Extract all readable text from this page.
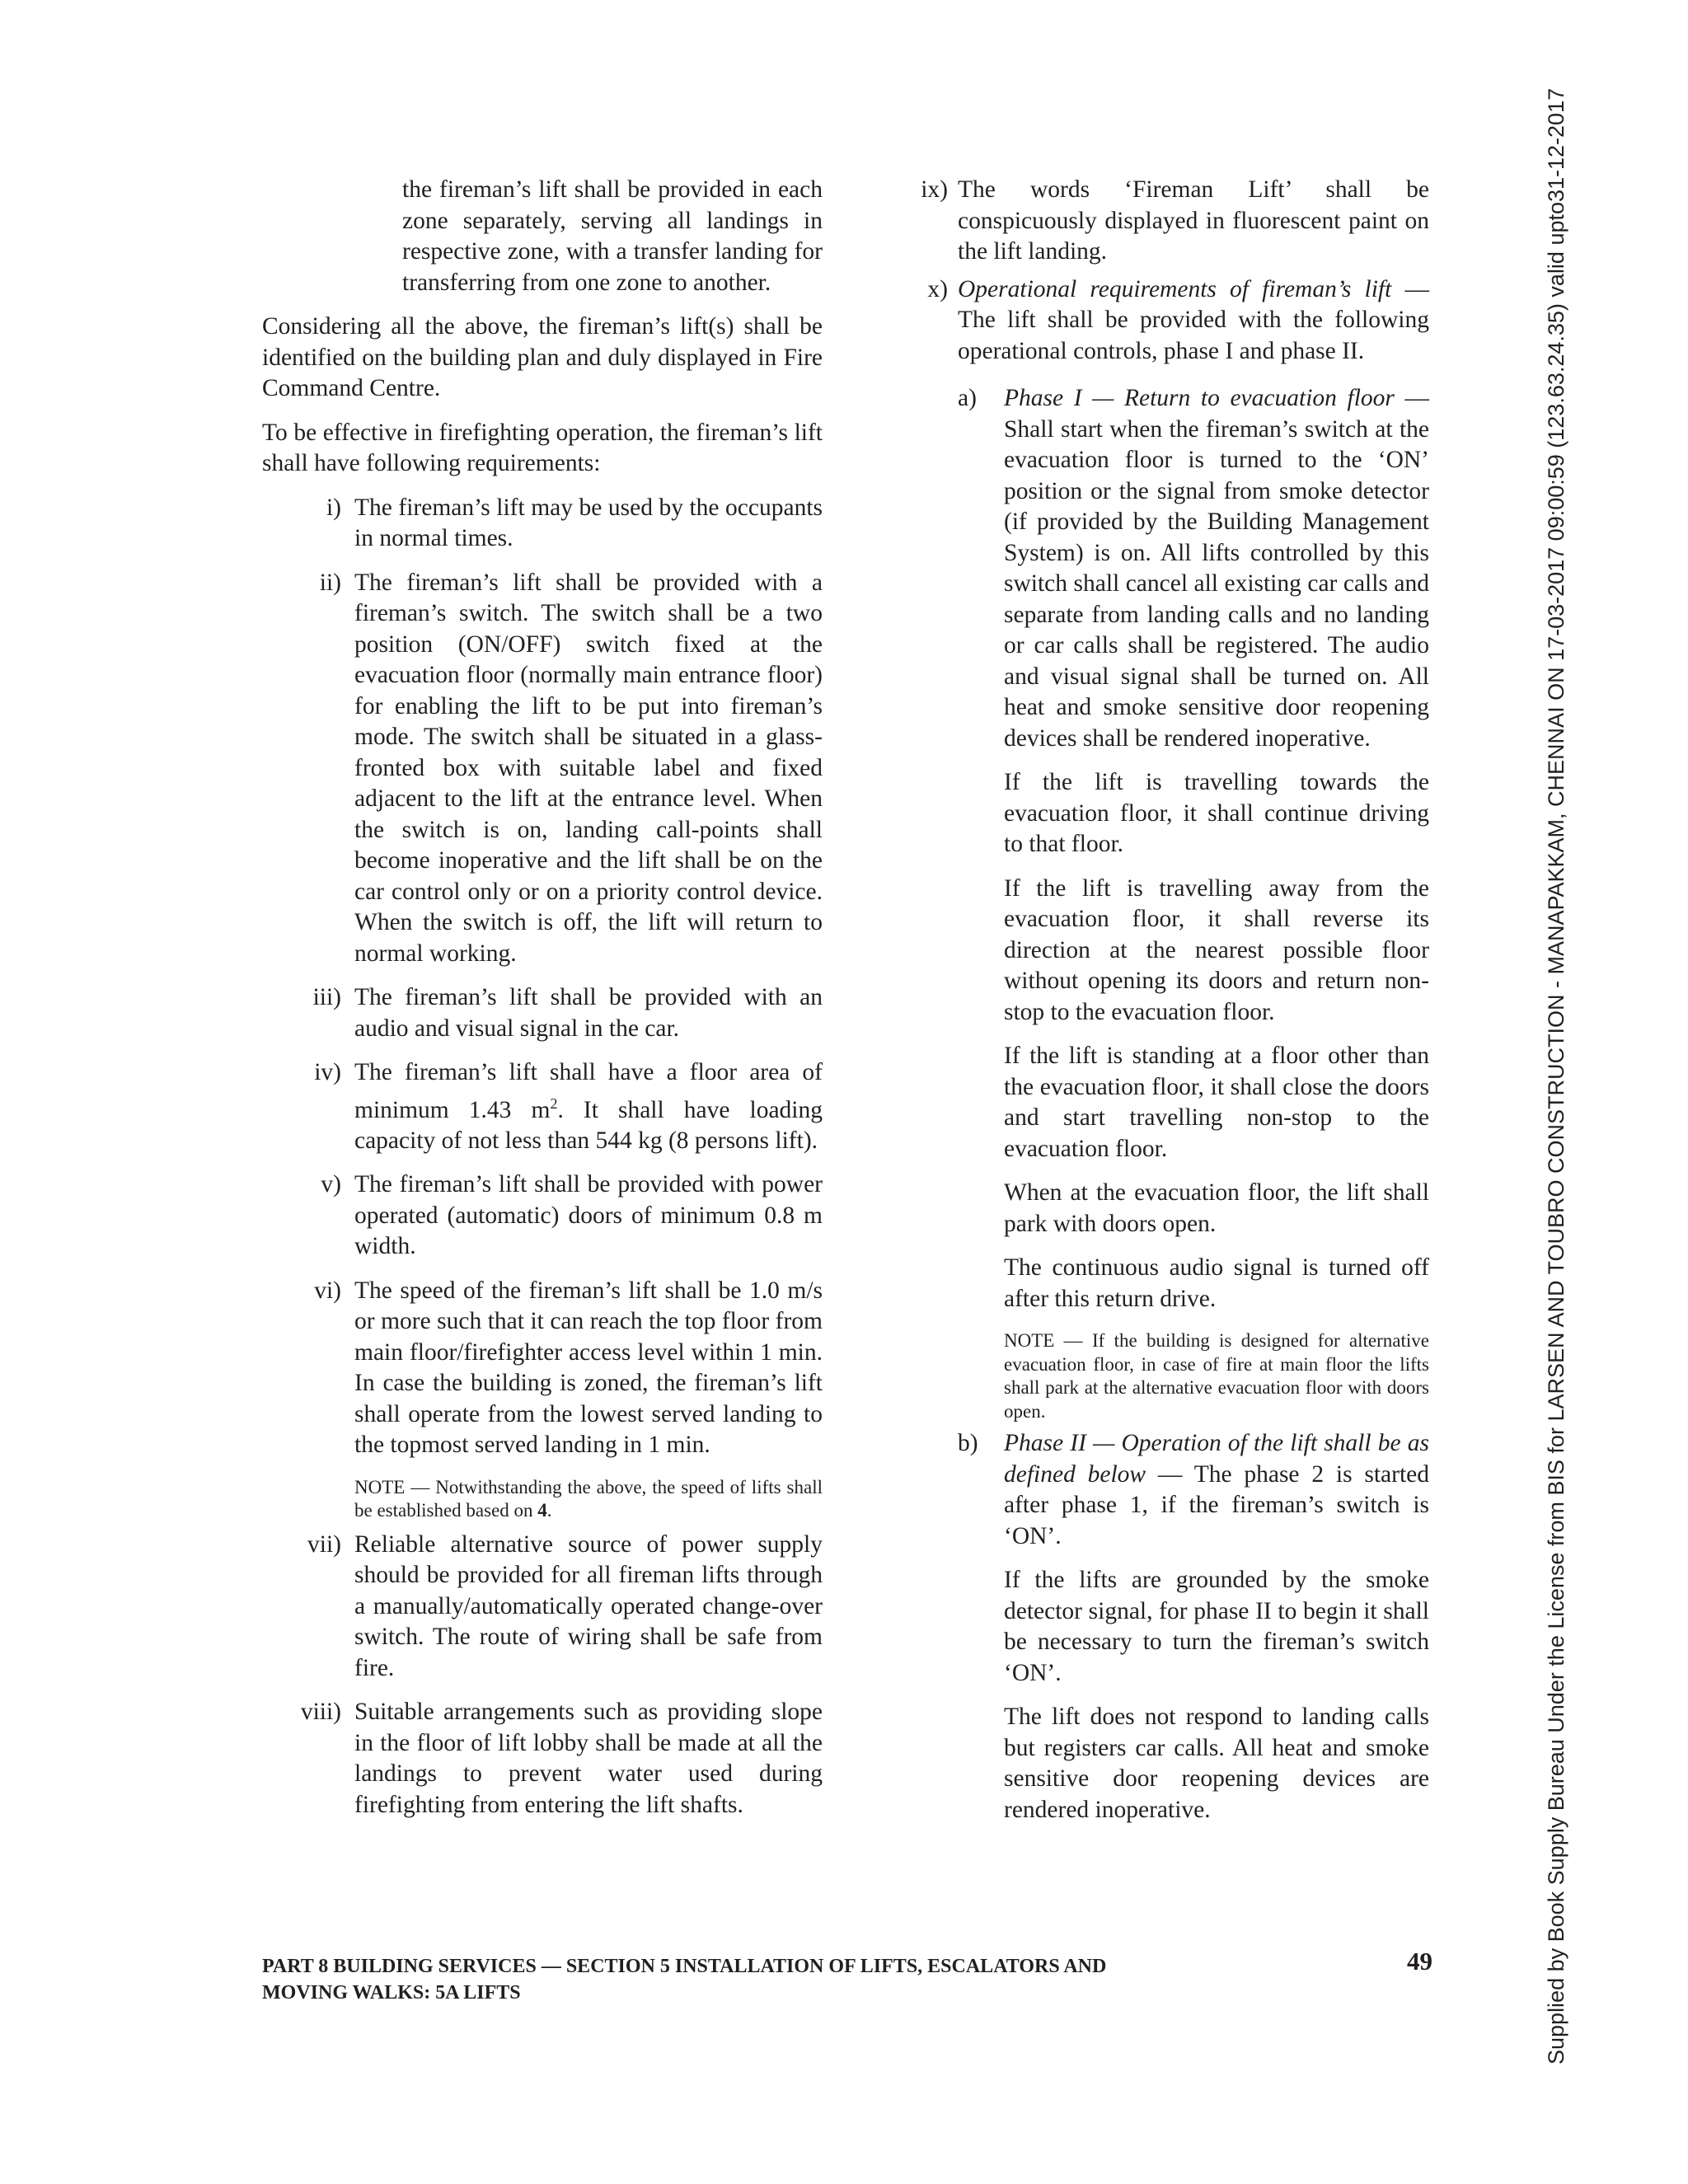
Supplied by Book Supply Bureau Under the License from BIS for LARSEN AND TOUBRO CONSTRUCTION - MANAPAKKAM, CHENNAI ON 17-03-2017 09:00:59 (123.63.24.35) valid upto31-12-2017

the fireman’s lift shall be provided in each zone separately, serving all landings in respective zone, with a transfer landing for transferring from one zone to another.

Considering all the above, the fireman’s lift(s) shall be identified on the building plan and duly displayed in Fire Command Centre.

To be effective in firefighting operation, the fireman’s lift shall have following requirements:

i) The fireman’s lift may be used by the occupants in normal times.

ii) The fireman’s lift shall be provided with a fireman’s switch. The switch shall be a two position (ON/OFF) switch fixed at the evacuation floor (normally main entrance floor) for enabling the lift to be put into fireman’s mode. The switch shall be situated in a glass-fronted box with suitable label and fixed adjacent to the lift at the entrance level. When the switch is on, landing call-points shall become inoperative and the lift shall be on the car control only or on a priority control device. When the switch is off, the lift will return to normal working.

iii) The fireman’s lift shall be provided with an audio and visual signal in the car.

iv) The fireman’s lift shall have a floor area of minimum 1.43 $m^2$. It shall have loading capacity of not less than 544 kg (8 persons lift).

v) The fireman’s lift shall be provided with power operated (automatic) doors of minimum 0.8 m width.

vi) The speed of the fireman’s lift shall be 1.0 m/s or more such that it can reach the top floor from main floor/firefighter access level within 1 min. In case the building is zoned, the fireman’s lift shall operate from the lowest served landing to the topmost served landing in 1 min.

NOTE — Notwithstanding the above, the speed of lifts shall be established based on 4.

vii) Reliable alternative source of power supply should be provided for all fireman lifts through a manually/automatically operated change-over switch. The route of wiring shall be safe from fire.

viii) Suitable arrangements such as providing slope in the floor of lift lobby shall be made at all the landings to prevent water used during firefighting from entering the lift shafts.

ix) The words ‘Fireman Lift’ shall be conspicuously displayed in fluorescent paint on the lift landing.

x) Operational requirements of fireman’s lift — The lift shall be provided with the following operational controls, phase I and phase II.

a)	Phase I — Return to evacuation floor — Shall start when the fireman’s switch at the evacuation floor is turned to the ‘ON’ position or the signal from smoke detector (if provided by the Building Management System) is on. All lifts controlled by this switch shall cancel all existing car calls and separate from landing calls and no landing or car calls shall be registered. The audio and visual signal shall be turned on. All heat and smoke sensitive door reopening devices shall be rendered inoperative.

If the lift is travelling towards the evacuation floor, it shall continue driving to that floor.

If the lift is travelling away from the evacuation floor, it shall reverse its direction at the nearest possible floor without opening its doors and return non-stop to the evacuation floor.

If the lift is standing at a floor other than the evacuation floor, it shall close the doors and start travelling non-stop to the evacuation floor.

When at the evacuation floor, the lift shall park with doors open.

The continuous audio signal is turned off after this return drive.

NOTE — If the building is designed for alternative evacuation floor, in case of fire at main floor the lifts shall park at the alternative evacuation floor with doors open.

b)	Phase II — Operation of the lift shall be as defined below — The phase 2 is started after phase 1, if the fireman’s switch is ‘ON’.

If the lifts are grounded by the smoke detector signal, for phase II to begin it shall be necessary to turn the fireman’s switch ‘ON’.

The lift does not respond to landing calls but registers car calls. All heat and smoke sensitive door reopening devices are rendered inoperative.

PART 8 BUILDING SERVICES — SECTION 5 INSTALLATION OF LIFTS, ESCALATORS AND
MOVING WALKS: 5A LIFTS
49
